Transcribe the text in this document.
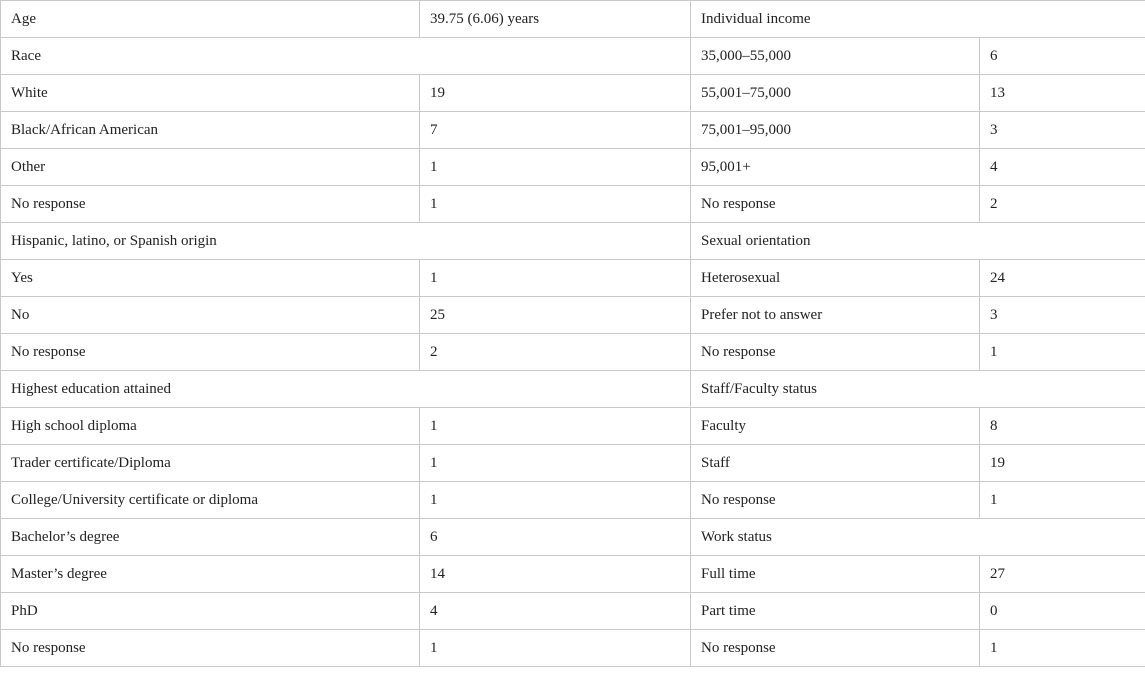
Age	39.75 (6.06) years	Individual income	
Race		35,000–55,000	6
White	19	55,001–75,000	13
Black/African American	7	75,001–95,000	3
Other	1	95,001+	4
No response	1	No response	2
Hispanic, latino, or Spanish origin		Sexual orientation	
Yes	1	Heterosexual	24
No	25	Prefer not to answer	3
No response	2	No response	1
Highest education attained		Staff/Faculty status	
High school diploma	1	Faculty	8
Trader certificate/Diploma	1	Staff	19
College/University certificate or diploma	1	No response	1
Bachelor’s degree	6	Work status	
Master’s degree	14	Full time	27
PhD	4	Part time	0
No response	1	No response	1
